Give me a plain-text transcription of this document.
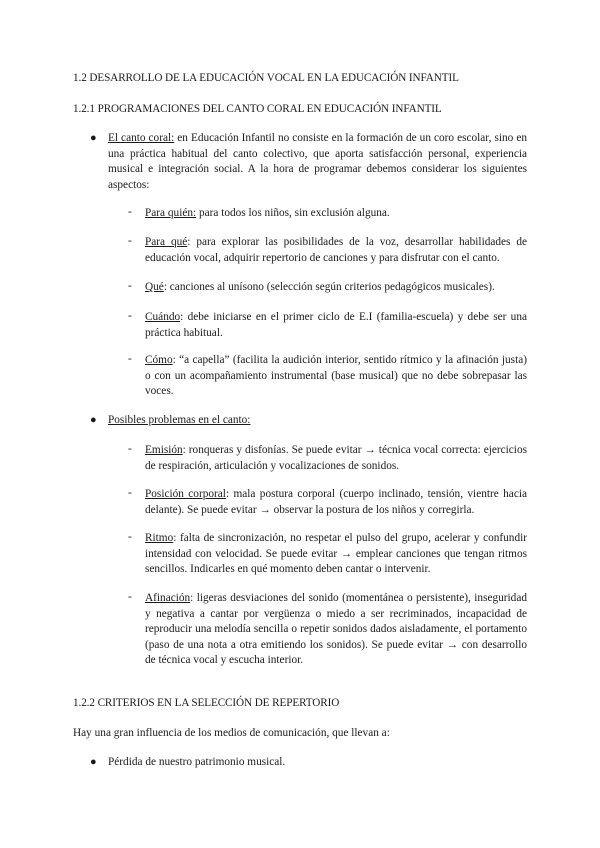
1.2 DESARROLLO DE LA EDUCACIÓN VOCAL EN LA EDUCACIÓN INFANTIL
1.2.1 PROGRAMACIONES DEL CANTO CORAL EN EDUCACIÓN INFANTIL
● El canto coral: en Educación Infantil no consiste en la formación de un coro escolar, sino en una práctica habitual del canto colectivo, que aporta satisfacción personal, experiencia musical e integración social. A la hora de programar debemos considerar los siguientes aspectos:

- Para quién: para todos los niños, sin exclusión alguna.

- Para qué: para explorar las posibilidades de la voz, desarrollar habilidades de educación vocal, adquirir repertorio de canciones y para disfrutar con el canto.

- Qué: canciones al unísono (selección según criterios pedagógicos musicales).

- Cuándo: debe iniciarse en el primer ciclo de E.I (familia-escuela) y debe ser una práctica habitual.

- Cómo: “a capella” (facilita la audición interior, sentido rítmico y la afinación justa) o con un acompañamiento instrumental (base musical) que no debe sobrepasar las voces.

● Posibles problemas en el canto:

- Emisión: ronqueras y disfonías. Se puede evitar → técnica vocal correcta: ejercicios de respiración, articulación y vocalizaciones de sonidos.

- Posición corporal: mala postura corporal (cuerpo inclinado, tensión, vientre hacia delante). Se puede evitar → observar la postura de los niños y corregirla.

- Ritmo: falta de sincronización, no respetar el pulso del grupo, acelerar y confundir intensidad con velocidad. Se puede evitar → emplear canciones que tengan ritmos sencillos. Indicarles en qué momento deben cantar o intervenir.

- Afinación: ligeras desviaciones del sonido (momentánea o persistente), inseguridad y negativa a cantar por vergüenza o miedo a ser recriminados, incapacidad de reproducir una melodía sencilla o repetir sonidos dados aisladamente, el portamento (paso de una nota a otra emitiendo los sonidos). Se puede evitar → con desarrollo de técnica vocal y escucha interior.

1.2.2 CRITERIOS EN LA SELECCIÓN DE REPERTORIO

Hay una gran influencia de los medios de comunicación, que llevan a:

● Pérdida de nuestro patrimonio musical.
